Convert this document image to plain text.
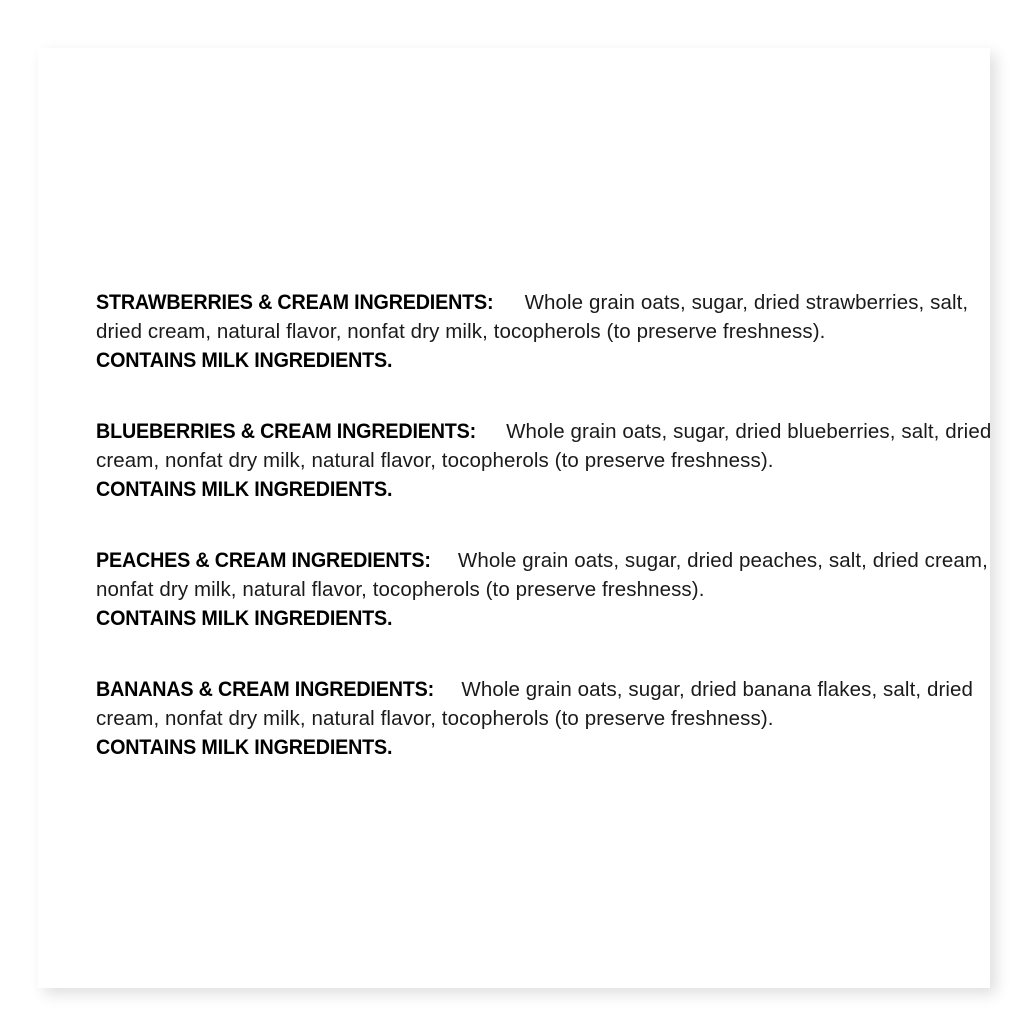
STRAWBERRIES & CREAM INGREDIENTS: Whole grain oats, sugar, dried strawberries, salt, dried cream, natural flavor, nonfat dry milk, tocopherols (to preserve freshness).
CONTAINS MILK INGREDIENTS.
BLUEBERRIES & CREAM INGREDIENTS: Whole grain oats, sugar, dried blueberries, salt, dried cream, nonfat dry milk, natural flavor, tocopherols (to preserve freshness).
CONTAINS MILK INGREDIENTS.
PEACHES & CREAM INGREDIENTS: Whole grain oats, sugar, dried peaches, salt, dried cream, nonfat dry milk, natural flavor, tocopherols (to preserve freshness).
CONTAINS MILK INGREDIENTS.
BANANAS & CREAM INGREDIENTS: Whole grain oats, sugar, dried banana flakes, salt, dried cream, nonfat dry milk, natural flavor, tocopherols (to preserve freshness).
CONTAINS MILK INGREDIENTS.
